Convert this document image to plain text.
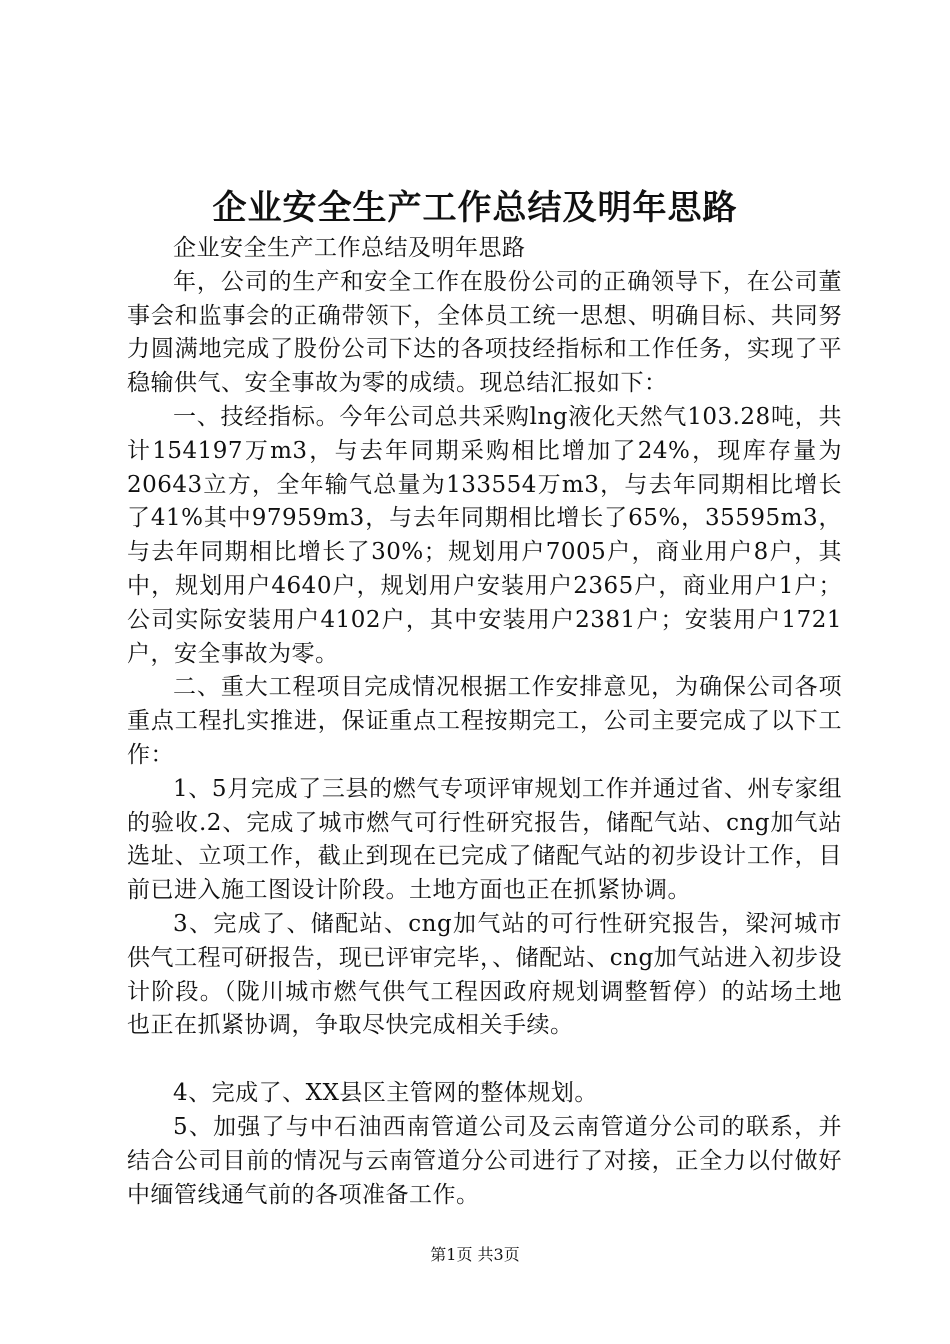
企业安全生产工作总结及明年思路

企业安全生产工作总结及明年思路

年，公司的生产和安全工作在股份公司的正确领导下，在公司董事会和监事会的正确带领下，全体员工统一思想、明确目标、共同努力圆满地完成了股份公司下达的各项技经指标和工作任务，实现了平稳输供气、安全事故为零的成绩。现总结汇报如下：

一、技经指标。今年公司总共采购lng液化天然气103.28吨，共计154197万m3，与去年同期采购相比增加了24%，现库存量为20643立方，全年输气总量为133554万m3，与去年同期相比增长了41%其中97959m3，与去年同期相比增长了65%，35595m3，与去年同期相比增长了30%；规划用户7005户，商业用户8户，其中，规划用户4640户，规划用户安装用户2365户，商业用户1户；公司实际安装用户4102户，其中安装用户2381户；安装用户1721户，安全事故为零。

二、重大工程项目完成情况根据工作安排意见，为确保公司各项重点工程扎实推进，保证重点工程按期完工，公司主要完成了以下工作：

1、5月完成了三县的燃气专项评审规划工作并通过省、州专家组的验收.2、完成了城市燃气可行性研究报告，储配气站、cng加气站选址、立项工作，截止到现在已完成了储配气站的初步设计工作，目前已进入施工图设计阶段。土地方面也正在抓紧协调。

3、完成了、储配站、cng加气站的可行性研究报告，梁河城市供气工程可研报告，现已评审完毕，、储配站、cng加气站进入初步设计阶段。（陇川城市燃气供气工程因政府规划调整暂停）的站场土地也正在抓紧协调，争取尽快完成相关手续。

4、完成了、XX县区主管网的整体规划。

5、加强了与中石油西南管道公司及云南管道分公司的联系，并结合公司目前的情况与云南管道分公司进行了对接，正全力以付做好中缅管线通气前的各项准备工作。

第1页 共3页
